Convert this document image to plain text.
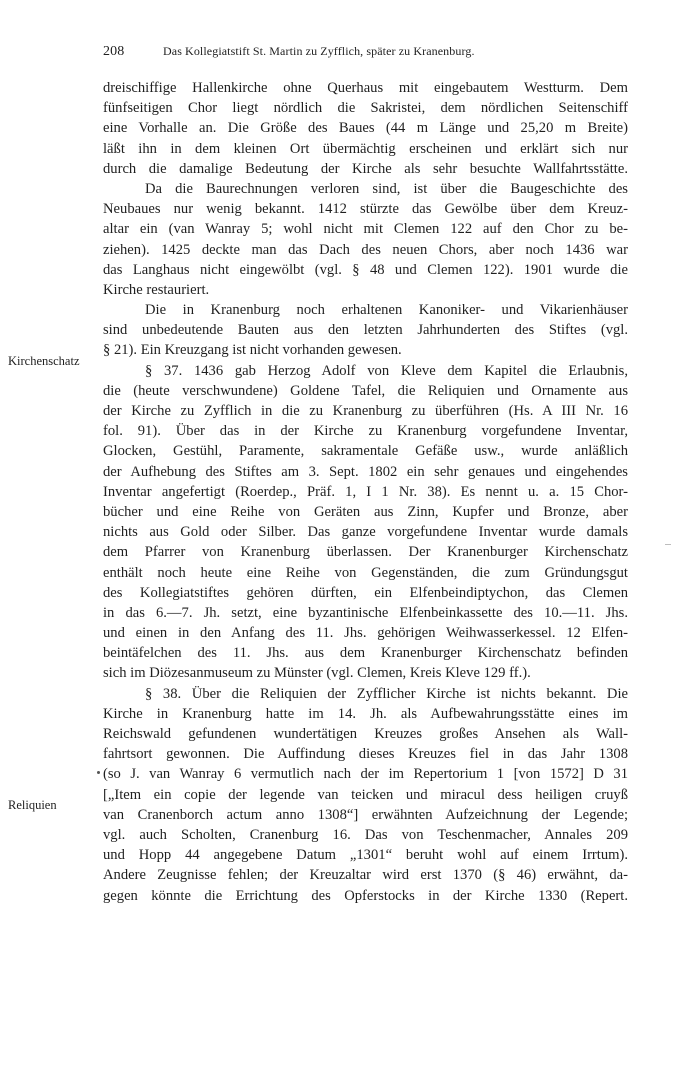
208	Das Kollegiatstift St. Martin zu Zyfflich, später zu Kranenburg.
Kirchenschatz
Reliquien
dreischiffige Hallenkirche ohne Querhaus mit eingebautem Westturm. Dem
fünfseitigen Chor liegt nördlich die Sakristei, dem nördlichen Seitenschiff
eine Vorhalle an. Die Größe des Baues (44 m Länge und 25,20 m Breite)
läßt ihn in dem kleinen Ort übermächtig erscheinen und erklärt sich nur
durch die damalige Bedeutung der Kirche als sehr besuchte Wallfahrtsstätte.
Da die Baurechnungen verloren sind, ist über die Baugeschichte des
Neubaues nur wenig bekannt. 1412 stürzte das Gewölbe über dem Kreuz-
altar ein (van Wanray 5; wohl nicht mit Clemen 122 auf den Chor zu be-
ziehen). 1425 deckte man das Dach des neuen Chors, aber noch 1436 war
das Langhaus nicht eingewölbt (vgl. § 48 und Clemen 122). 1901 wurde die
Kirche restauriert.
Die in Kranenburg noch erhaltenen Kanoniker- und Vikarienhäuser
sind unbedeutende Bauten aus den letzten Jahrhunderten des Stiftes (vgl.
§ 21). Ein Kreuzgang ist nicht vorhanden gewesen.
§ 37. 1436 gab Herzog Adolf von Kleve dem Kapitel die Erlaubnis,
die (heute verschwundene) Goldene Tafel, die Reliquien und Ornamente aus
der Kirche zu Zyfflich in die zu Kranenburg zu überführen (Hs. A III Nr. 16
fol. 91). Über das in der Kirche zu Kranenburg vorgefundene Inventar,
Glocken, Gestühl, Paramente, sakramentale Gefäße usw., wurde anläßlich
der Aufhebung des Stiftes am 3. Sept. 1802 ein sehr genaues und eingehendes
Inventar angefertigt (Roerdep., Präf. 1, I 1 Nr. 38). Es nennt u. a. 15 Chor-
bücher und eine Reihe von Geräten aus Zinn, Kupfer und Bronze, aber
nichts aus Gold oder Silber. Das ganze vorgefundene Inventar wurde damals
dem Pfarrer von Kranenburg überlassen. Der Kranenburger Kirchenschatz
enthält noch heute eine Reihe von Gegenständen, die zum Gründungsgut
des Kollegiatstiftes gehören dürften, ein Elfenbeindiptychon, das Clemen
in das 6.—7. Jh. setzt, eine byzantinische Elfenbeinkassette des 10.—11. Jhs.
und einen in den Anfang des 11. Jhs. gehörigen Weihwasserkessel. 12 Elfen-
beintäfelchen des 11. Jhs. aus dem Kranenburger Kirchenschatz befinden
sich im Diözesanmuseum zu Münster (vgl. Clemen, Kreis Kleve 129 ff.).
§ 38. Über die Reliquien der Zyfflicher Kirche ist nichts bekannt. Die
Kirche in Kranenburg hatte im 14. Jh. als Aufbewahrungsstätte eines im
Reichswald gefundenen wundertätigen Kreuzes großes Ansehen als Wall-
fahrtsort gewonnen. Die Auffindung dieses Kreuzes fiel in das Jahr 1308
(so J. van Wanray 6 vermutlich nach der im Repertorium 1 [von 1572] D 31
[„Item ein copie der legende van teicken und miracul dess heiligen cruyß
van Cranenborch actum anno 1308“] erwähnten Aufzeichnung der Legende;
vgl. auch Scholten, Cranenburg 16. Das von Teschenmacher, Annales 209
und Hopp 44 angegebene Datum „1301“ beruht wohl auf einem Irrtum).
Andere Zeugnisse fehlen; der Kreuzaltar wird erst 1370 (§ 46) erwähnt, da-
gegen könnte die Errichtung des Opferstocks in der Kirche 1330 (Repert.
